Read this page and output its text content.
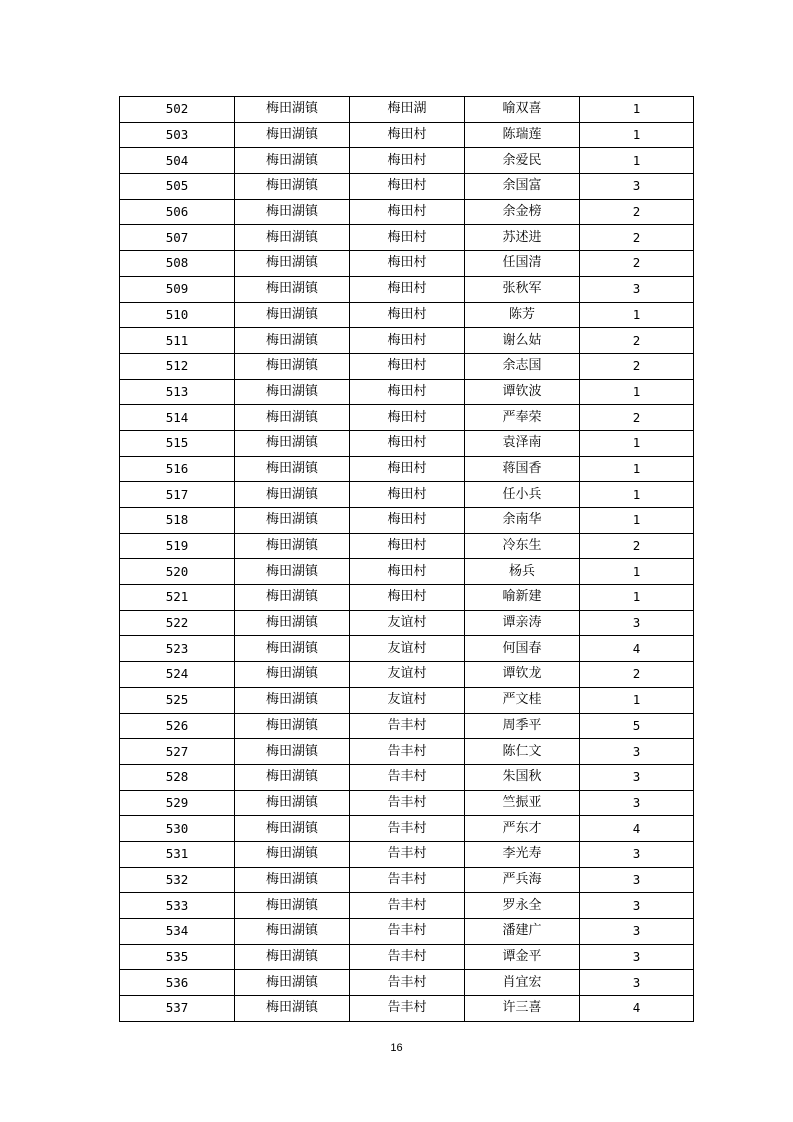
502	梅田湖镇	梅田湖	喻双喜	1
503	梅田湖镇	梅田村	陈瑞莲	1
504	梅田湖镇	梅田村	余爱民	1
505	梅田湖镇	梅田村	余国富	3
506	梅田湖镇	梅田村	余金榜	2
507	梅田湖镇	梅田村	苏述进	2
508	梅田湖镇	梅田村	任国清	2
509	梅田湖镇	梅田村	张秋军	3
510	梅田湖镇	梅田村	陈芳	1
511	梅田湖镇	梅田村	谢么姑	2
512	梅田湖镇	梅田村	余志国	2
513	梅田湖镇	梅田村	谭钦波	1
514	梅田湖镇	梅田村	严奉荣	2
515	梅田湖镇	梅田村	袁泽南	1
516	梅田湖镇	梅田村	蒋国香	1
517	梅田湖镇	梅田村	任小兵	1
518	梅田湖镇	梅田村	余南华	1
519	梅田湖镇	梅田村	冷东生	2
520	梅田湖镇	梅田村	杨兵	1
521	梅田湖镇	梅田村	喻新建	1
522	梅田湖镇	友谊村	谭亲涛	3
523	梅田湖镇	友谊村	何国春	4
524	梅田湖镇	友谊村	谭钦龙	2
525	梅田湖镇	友谊村	严文桂	1
526	梅田湖镇	告丰村	周季平	5
527	梅田湖镇	告丰村	陈仁文	3
528	梅田湖镇	告丰村	朱国秋	3
529	梅田湖镇	告丰村	竺振亚	3
530	梅田湖镇	告丰村	严东才	4
531	梅田湖镇	告丰村	李光寿	3
532	梅田湖镇	告丰村	严兵海	3
533	梅田湖镇	告丰村	罗永全	3
534	梅田湖镇	告丰村	潘建广	3
535	梅田湖镇	告丰村	谭金平	3
536	梅田湖镇	告丰村	肖宜宏	3
537	梅田湖镇	告丰村	许三喜	4
16
